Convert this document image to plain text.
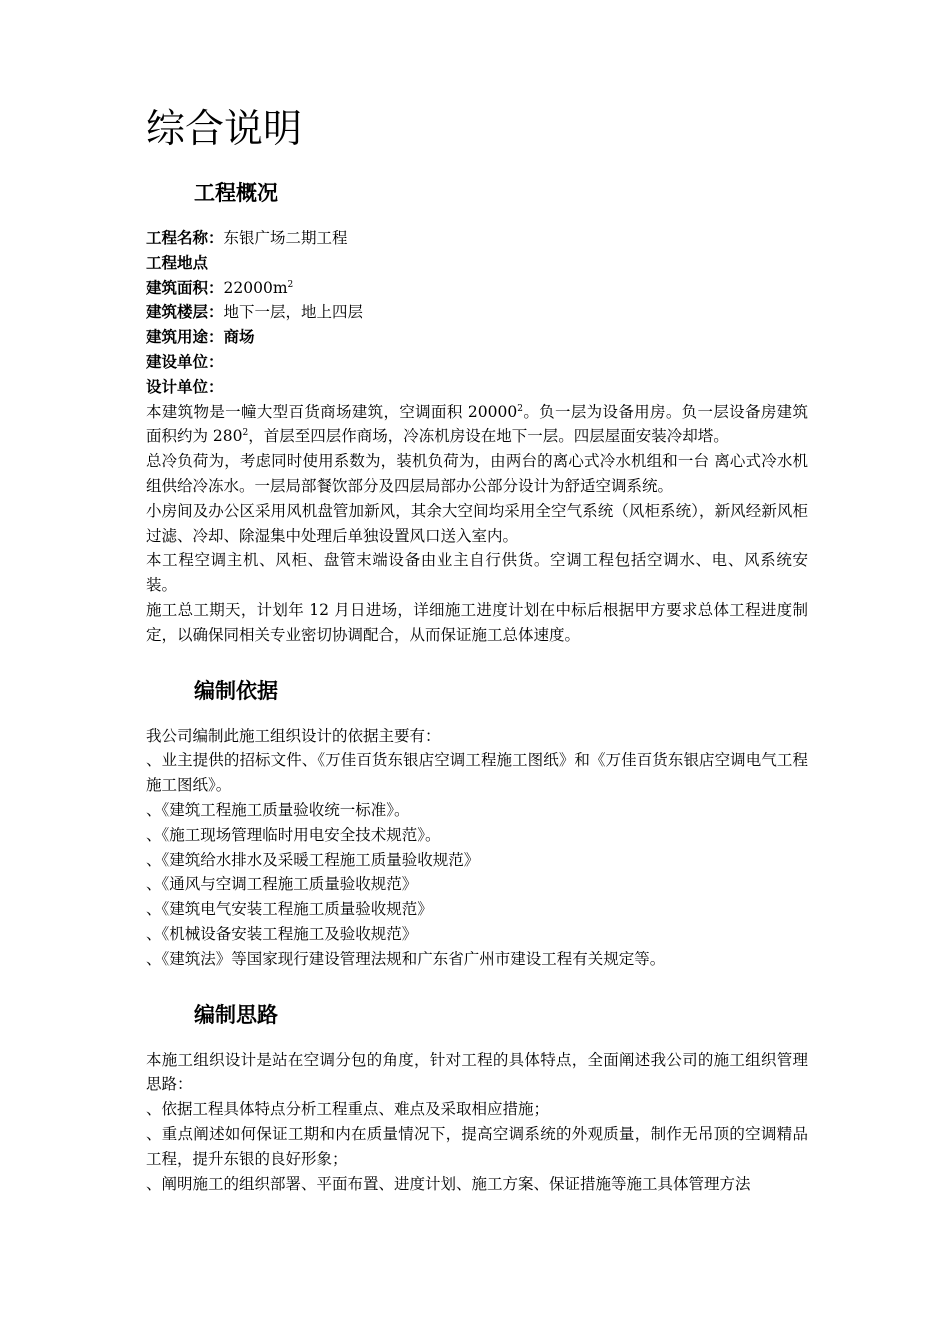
综合说明
工程概况

工程名称：东银广场二期工程

工程地点

建筑面积：$22000m^2$

建筑楼层：地下一层，地上四层

建筑用途：商场

建设单位：

设计单位：

本建筑物是一幢大型百货商场建筑，空调面积 20000$^2$。负一层为设备用房。负一层设备房建筑面积约为 $280^2$，首层至四层作商场，冷冻机房设在地下一层。四层屋面安装冷却塔。

总冷负荷为，考虑同时使用系数为，装机负荷为，由两台的离心式冷水机组和一台 离心式冷水机组供给冷冻水。一层局部餐饮部分及四层局部办公部分设计为舒适空调系统。

小房间及办公区采用风机盘管加新风，其余大空间均采用全空气系统（风柜系统），新风经新风柜过滤、冷却、除湿集中处理后单独设置风口送入室内。

本工程空调主机、风柜、盘管末端设备由业主自行供货。空调工程包括空调水、电、风系统安装。

施工总工期天，计划年 12 月日进场，详细施工进度计划在中标后根据甲方要求总体工程进度制定，以确保同相关专业密切协调配合，从而保证施工总体速度。

编制依据

我公司编制此施工组织设计的依据主要有：

、业主提供的招标文件、《万佳百货东银店空调工程施工图纸》和《万佳百货东银店空调电气工程施工图纸》。

、《建筑工程施工质量验收统一标准》。

、《施工现场管理临时用电安全技术规范》。

、《建筑给水排水及采暖工程施工质量验收规范》

、《通风与空调工程施工质量验收规范》

、《建筑电气安装工程施工质量验收规范》

、《机械设备安装工程施工及验收规范》

、《建筑法》等国家现行建设管理法规和广东省广州市建设工程有关规定等。

编制思路

本施工组织设计是站在空调分包的角度，针对工程的具体特点，全面阐述我公司的施工组织管理思路：

、依据工程具体特点分析工程重点、难点及采取相应措施；

、重点阐述如何保证工期和内在质量情况下，提高空调系统的外观质量，制作无吊顶的空调精品工程，提升东银的良好形象；

、阐明施工的组织部署、平面布置、进度计划、施工方案、保证措施等施工具体管理方法
